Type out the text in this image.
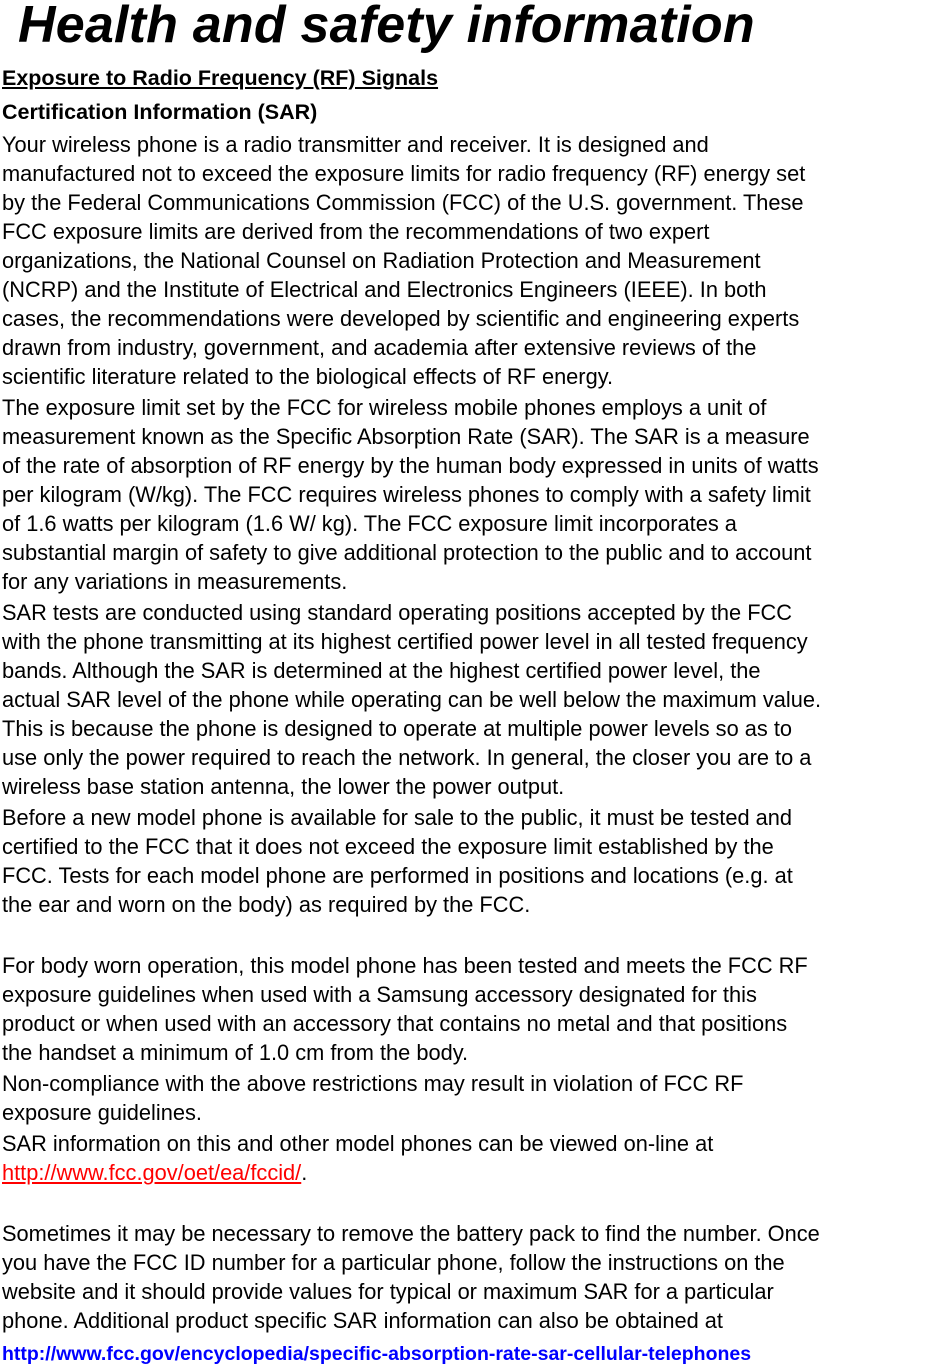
Health and safety information
Exposure to Radio Frequency (RF) Signals
Certification Information (SAR)

Your wireless phone is a radio transmitter and receiver. It is designed and
manufactured not to exceed the exposure limits for radio frequency (RF) energy set
by the Federal Communications Commission (FCC) of the U.S. government. These
FCC exposure limits are derived from the recommendations of two expert
organizations, the National Counsel on Radiation Protection and Measurement
(NCRP) and the Institute of Electrical and Electronics Engineers (IEEE). In both
cases, the recommendations were developed by scientific and engineering experts
drawn from industry, government, and academia after extensive reviews of the
scientific literature related to the biological effects of RF energy.

The exposure limit set by the FCC for wireless mobile phones employs a unit of
measurement known as the Specific Absorption Rate (SAR). The SAR is a measure
of the rate of absorption of RF energy by the human body expressed in units of watts
per kilogram (W/kg). The FCC requires wireless phones to comply with a safety limit
of 1.6 watts per kilogram (1.6 W/ kg). The FCC exposure limit incorporates a
substantial margin of safety to give additional protection to the public and to account
for any variations in measurements.

SAR tests are conducted using standard operating positions accepted by the FCC
with the phone transmitting at its highest certified power level in all tested frequency
bands. Although the SAR is determined at the highest certified power level, the
actual SAR level of the phone while operating can be well below the maximum value.
This is because the phone is designed to operate at multiple power levels so as to
use only the power required to reach the network. In general, the closer you are to a
wireless base station antenna, the lower the power output.

Before a new model phone is available for sale to the public, it must be tested and
certified to the FCC that it does not exceed the exposure limit established by the
FCC. Tests for each model phone are performed in positions and locations (e.g. at
the ear and worn on the body) as required by the FCC.

For body worn operation, this model phone has been tested and meets the FCC RF
exposure guidelines when used with a Samsung accessory designated for this
product or when used with an accessory that contains no metal and that positions
the handset a minimum of 1.0 cm from the body.

Non-compliance with the above restrictions may result in violation of FCC RF
exposure guidelines.

SAR information on this and other model phones can be viewed on-line at
http://www.fcc.gov/oet/ea/fccid/.

Sometimes it may be necessary to remove the battery pack to find the number. Once
you have the FCC ID number for a particular phone, follow the instructions on the
website and it should provide values for typical or maximum SAR for a particular
phone. Additional product specific SAR information can also be obtained at

http://www.fcc.gov/encyclopedia/specific-absorption-rate-sar-cellular-telephones
